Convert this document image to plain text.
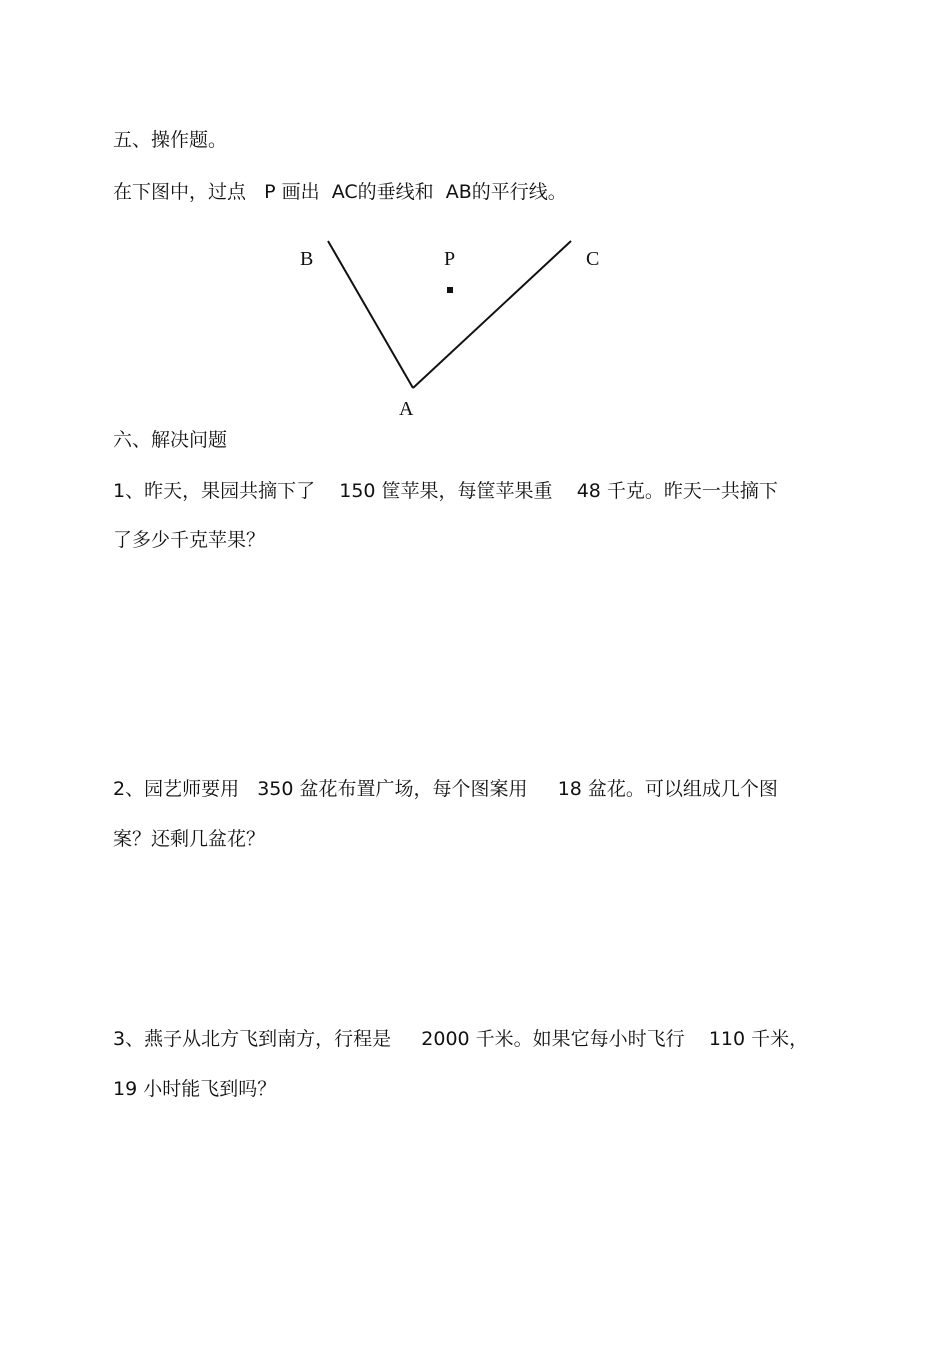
五、操作题。

在下图中，过点   P 画出  AC的垂线和  AB的平行线。

B	P	C
A

六、解决问题

1、昨天，果园共摘下了    150 筐苹果，每筐苹果重    48 千克。昨天一共摘下

了多少千克苹果？

2、园艺师要用   350 盆花布置广场，每个图案用     18 盆花。可以组成几个图

案？还剩几盆花？

3、燕子从北方飞到南方，行程是     2000 千米。如果它每小时飞行    110 千米，

19 小时能飞到吗？
